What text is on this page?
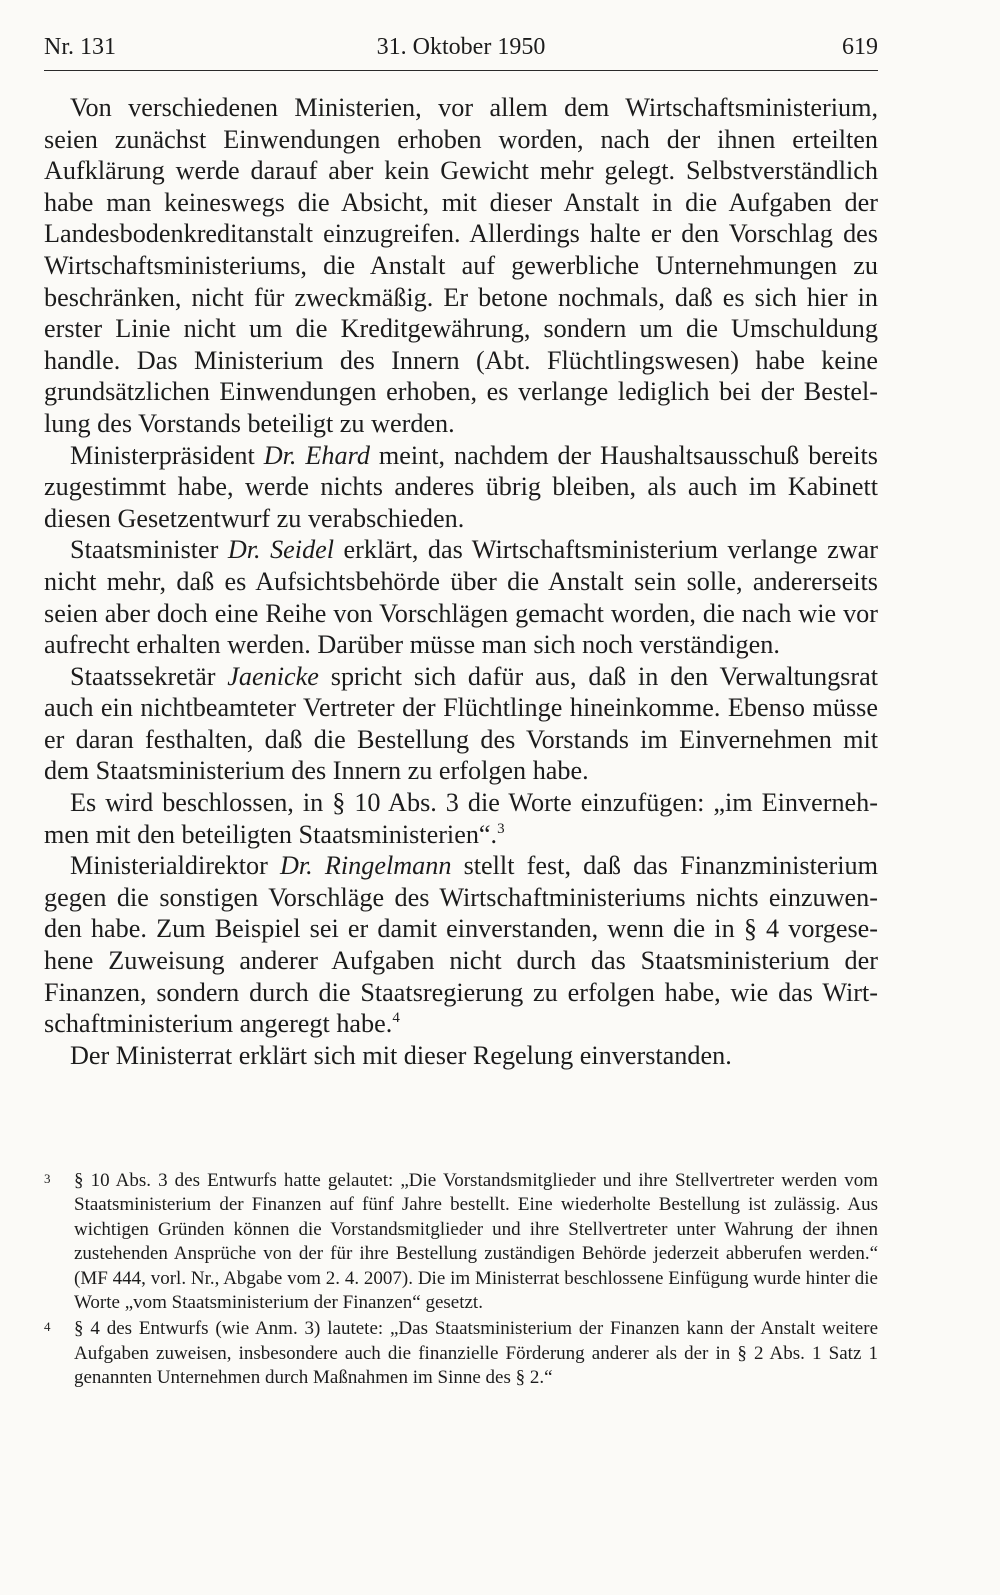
Nr. 131	31. Oktober 1950	619

Von verschiedenen Ministerien, vor allem dem Wirtschaftsministerium, seien zunächst Einwendungen erhoben worden, nach der ihnen erteilten Aufklärung werde darauf aber kein Gewicht mehr gelegt. Selbstverständlich habe man keineswegs die Absicht, mit dieser Anstalt in die Aufgaben der Landesbodenkreditanstalt einzugreifen. Allerdings halte er den Vorschlag des Wirtschaftsministeriums, die Anstalt auf gewerbliche Unternehmungen zu beschränken, nicht für zweckmäßig. Er betone nochmals, daß es sich hier in erster Linie nicht um die Kreditgewährung, sondern um die Umschuldung handle. Das Ministerium des Innern (Abt. Flüchtlingswesen) habe keine grundsätzlichen Einwendungen erhoben, es verlange lediglich bei der Bestellung des Vorstands beteiligt zu werden.

Ministerpräsident Dr. Ehard meint, nachdem der Haushaltsausschuß bereits zugestimmt habe, werde nichts anderes übrig bleiben, als auch im Kabinett diesen Gesetzentwurf zu verabschieden.

Staatsminister Dr. Seidel erklärt, das Wirtschaftsministerium verlange zwar nicht mehr, daß es Aufsichtsbehörde über die Anstalt sein solle, andererseits seien aber doch eine Reihe von Vorschlägen gemacht worden, die nach wie vor aufrecht erhalten werden. Darüber müsse man sich noch verständigen.

Staatssekretär Jaenicke spricht sich dafür aus, daß in den Verwaltungsrat auch ein nichtbeamteter Vertreter der Flüchtlinge hineinkomme. Ebenso müsse er daran festhalten, daß die Bestellung des Vorstands im Einvernehmen mit dem Staatsministerium des Innern zu erfolgen habe.

Es wird beschlossen, in § 10 Abs. 3 die Worte einzufügen: „im Einvernehmen mit den beteiligten Staatsministerien“.$^3$

Ministerialdirektor Dr. Ringelmann stellt fest, daß das Finanzministerium gegen die sonstigen Vorschläge des Wirtschaftministeriums nichts einzuwenden habe. Zum Beispiel sei er damit einverstanden, wenn die in § 4 vorgesehene Zuweisung anderer Aufgaben nicht durch das Staatsministerium der Finanzen, sondern durch die Staatsregierung zu erfolgen habe, wie das Wirtschaftministerium angeregt habe.$^4$

Der Ministerrat erklärt sich mit dieser Regelung einverstanden.

3 § 10 Abs. 3 des Entwurfs hatte gelautet: „Die Vorstandsmitglieder und ihre Stellvertreter werden vom Staatsministerium der Finanzen auf fünf Jahre bestellt. Eine wiederholte Bestellung ist zulässig. Aus wichtigen Gründen können die Vorstandsmitglieder und ihre Stellvertreter unter Wahrung der ihnen zustehenden Ansprüche von der für ihre Bestellung zuständigen Behörde jederzeit abberufen werden.“ (MF 444, vorl. Nr., Abgabe vom 2. 4. 2007). Die im Ministerrat beschlossene Einfügung wurde hinter die Worte „vom Staatsministerium der Finanzen“ gesetzt.
4 § 4 des Entwurfs (wie Anm. 3) lautete: „Das Staatsministerium der Finanzen kann der Anstalt weitere Aufgaben zuweisen, insbesondere auch die finanzielle Förderung anderer als der in § 2 Abs. 1 Satz 1 genannten Unternehmen durch Maßnahmen im Sinne des § 2.“
